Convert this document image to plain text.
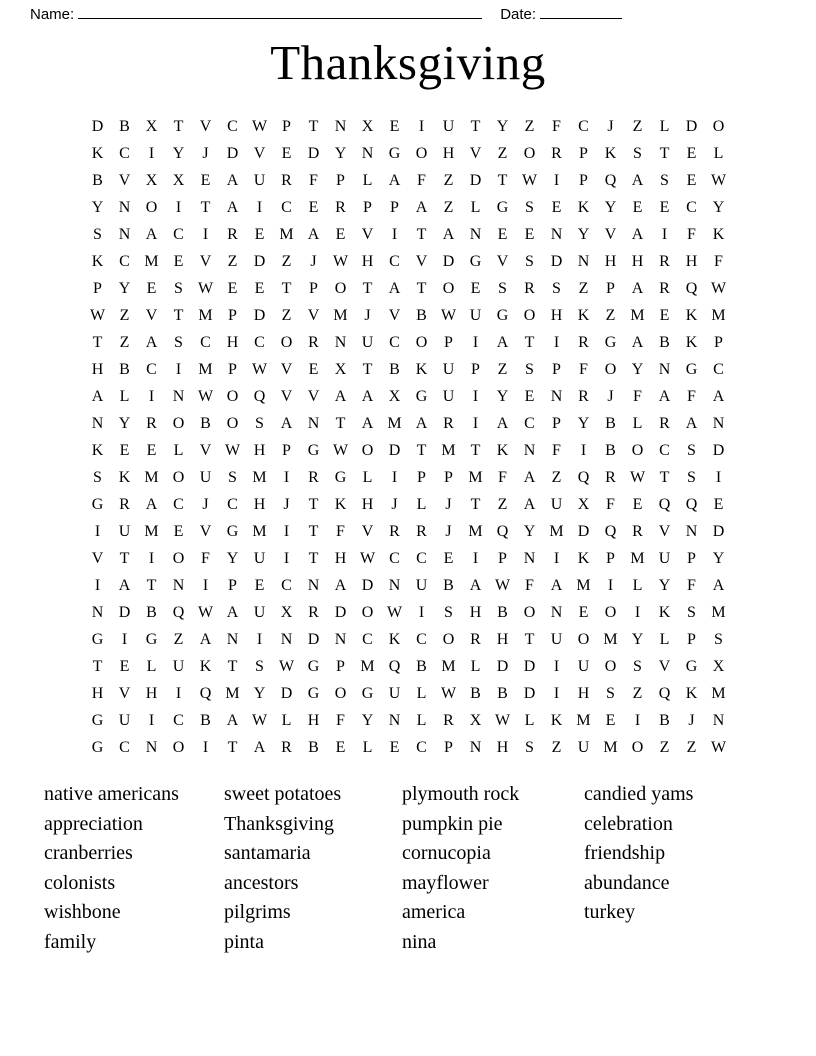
Name:	Date:
Thanksgiving
D B X	T	V C W P	T	N X	E	I	U	T	Y	Z	F	C	J	Z	L	D O
K C	I	Y	J	D V	E	D Y N G O H V	Z	O R	P	K	S	T	E	L
B V X X	E	A U R	F	P	L	A	F	Z	D	T W	I	P	Q A	S	E W
Y N O	I	T	A	I	C	E	R	P	P	A	Z	L	G	S	E	K Y	E	E	C Y
S	N A C	I	R	E M A	E	V	I	T	A N	E	E	N Y V A	I	F	K
K C M E	V	Z	D	Z	J	W H C V D G V	S	D N H H R H	F
P	Y	E	S W E	E	T	P	O	T	A	T	O	E	S	R	S	Z	P	A R Q W
W Z	V	T M P	D	Z	V M	J	V B W U G O H K	Z M E	K M
T	Z	A	S	C H C O R N U C O	P	I	A	T	I	R G A B K	P
H B	C	I	M P W V	E	X	T	B K U	P	Z	S	P	F	O Y N G C
A	L	I	N W O Q V V A A X G U	I	Y	E	N R	J	F	A	F	A
N Y R O B O	S	A N	T	A M A R	I	A C	P	Y B	L	R A N
K	E	E	L	V W H	P	G W O D	T M T	K N	F	I	B O C	S	D
S	K M O U	S M	I	R G	L	I	P	P M F	A	Z	Q R W T	S	I
G R A C	J	C H	J	T	K H	J	L	J	T	Z	A U X	F	E	Q Q	E
I	U M E	V G M	I	T	F	V R	R	J	M Q Y M D Q R V N D
V	T	I	O	F	Y U	I	T	H W C	C	E	I	P	N	I	K	P M U	P	Y
I	A	T	N	I	P	E	C N A D N U B A W F	A M	I	L	Y	F	A
N D B Q W A U X R D O W	I	S	H B O N	E	O	I	K	S M
G	I	G	Z	A N	I	N D N C K C O R H	T	U O M Y	L	P	S
T	E	L	U K	T	S W G	P M Q B M L	D D	I	U O	S	V G X
H V H	I	Q M Y D G O G U	L W B	B D	I	H	S	Z	Q K M
G U	I	C	B A W L	H	F	Y N	L	R X W L	K M E	I	B	J	N
G C N O	I	T	A R	B	E	L	E	C	P	N H	S	Z	U M O	Z	Z W
native americans
appreciation
cranberries
colonists
wishbone
family
sweet potatoes
Thanksgiving
santamaria
ancestors
pilgrims
pinta
plymouth rock
pumpkin pie
cornucopia
mayflower
america
nina
candied yams
celebration
friendship
abundance
turkey
